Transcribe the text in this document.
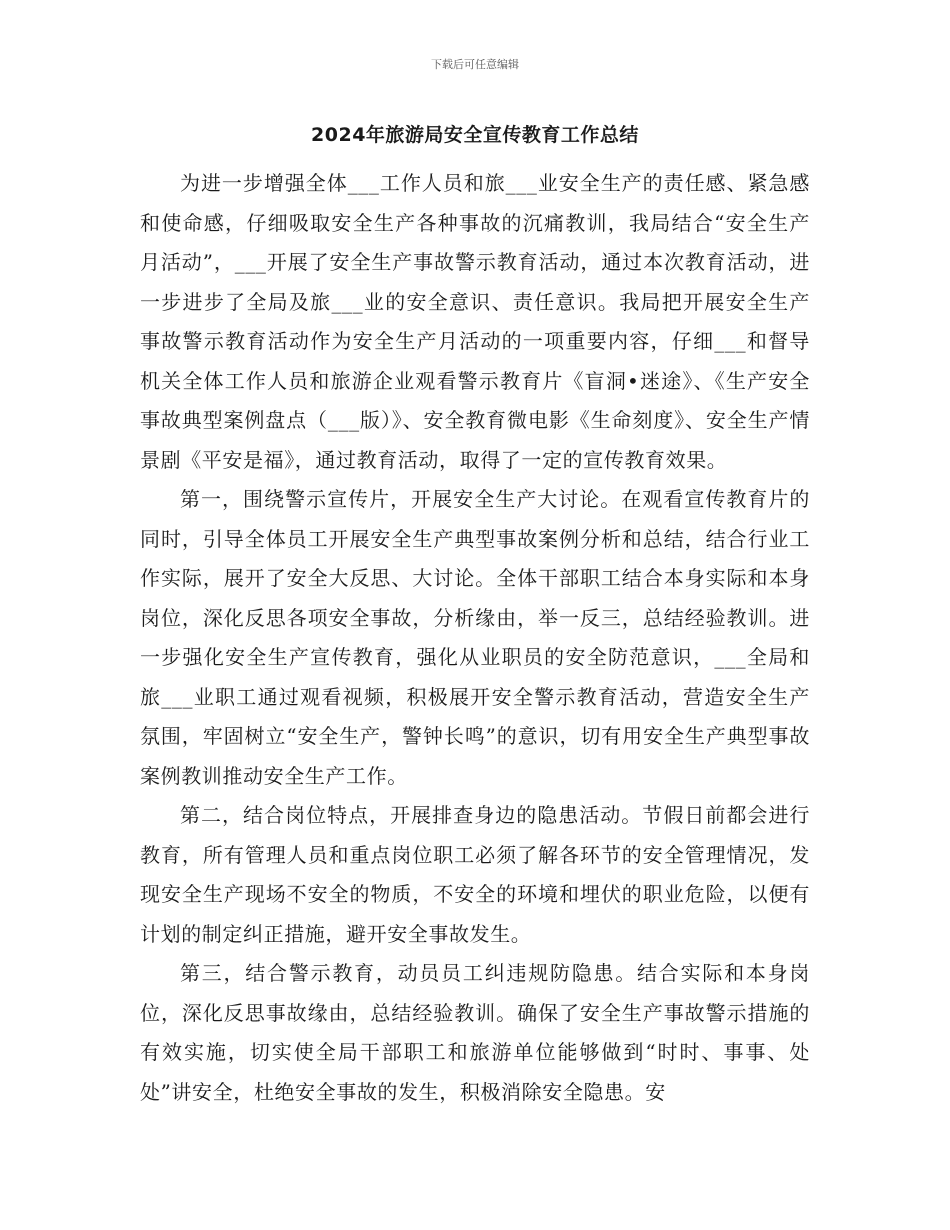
下载后可任意编辑
2024年旅游局安全宣传教育工作总结

为进一步增强全体___工作人员和旅___业安全生产的责任感、紧急感和使命感，仔细吸取安全生产各种事故的沉痛教训，我局结合“安全生产月活动”，___开展了安全生产事故警示教育活动，通过本次教育活动，进一步进步了全局及旅___业的安全意识、责任意识。我局把开展安全生产事故警示教育活动作为安全生产月活动的一项重要内容，仔细___和督导机关全体工作人员和旅游企业观看警示教育片《盲洞•迷途》、《生产安全事故典型案例盘点（___版）》、安全教育微电影《生命刻度》、安全生产情景剧《平安是福》，通过教育活动，取得了一定的宣传教育效果。

第一，围绕警示宣传片，开展安全生产大讨论。在观看宣传教育片的同时，引导全体员工开展安全生产典型事故案例分析和总结，结合行业工作实际，展开了安全大反思、大讨论。全体干部职工结合本身实际和本身岗位，深化反思各项安全事故，分析缘由，举一反三，总结经验教训。进一步强化安全生产宣传教育，强化从业职员的安全防范意识，___全局和旅___业职工通过观看视频，积极展开安全警示教育活动，营造安全生产氛围，牢固树立“安全生产，警钟长鸣”的意识，切有用安全生产典型事故案例教训推动安全生产工作。

第二，结合岗位特点，开展排查身边的隐患活动。节假日前都会进行教育，所有管理人员和重点岗位职工必须了解各环节的安全管理情况，发现安全生产现场不安全的物质，不安全的环境和埋伏的职业危险，以便有计划的制定纠正措施，避开安全事故发生。

第三，结合警示教育，动员员工纠违规防隐患。结合实际和本身岗位，深化反思事故缘由，总结经验教训。确保了安全生产事故警示措施的有效实施，切实使全局干部职工和旅游单位能够做到“时时、事事、处处”讲安全，杜绝安全事故的发生，积极消除安全隐患。安
